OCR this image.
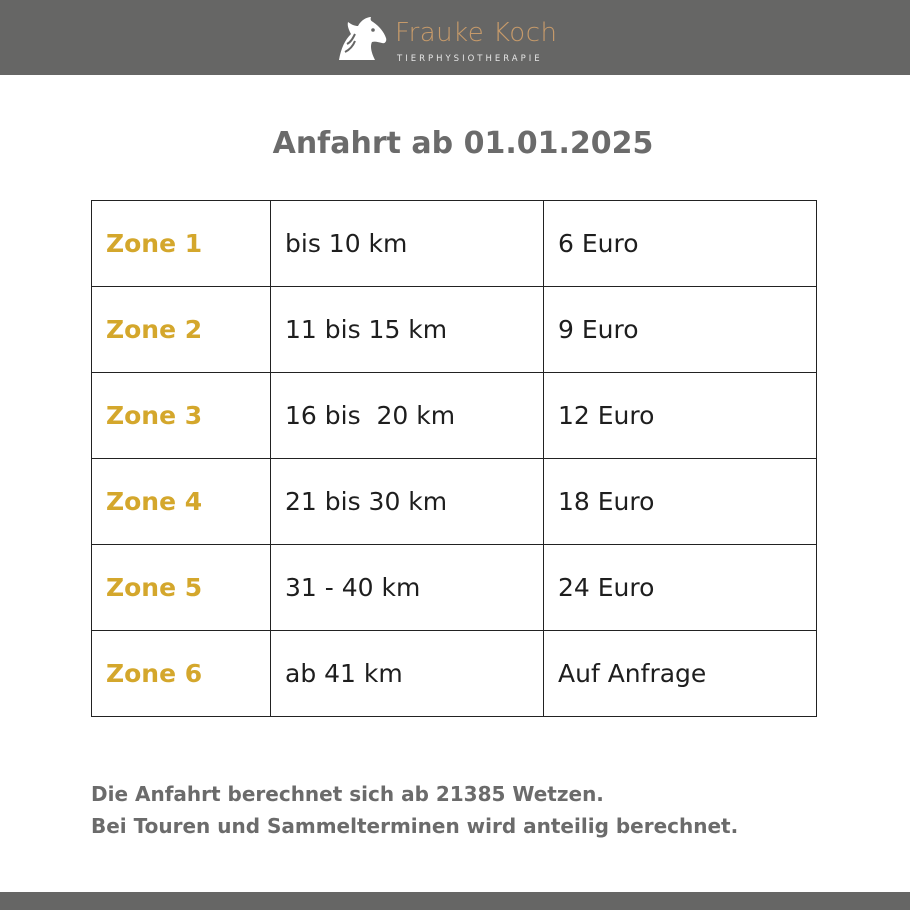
Frauke Koch
TIERPHYSIOTHERAPIE
Anfahrt ab 01.01.2025
Zone 1	bis 10 km	6 Euro
Zone 2	11 bis 15 km	9 Euro
Zone 3	16 bis  20 km	12 Euro
Zone 4	21 bis 30 km	18 Euro
Zone 5	31 - 40 km	24 Euro
Zone 6	ab 41 km	Auf Anfrage
Die Anfahrt berechnet sich ab 21385 Wetzen.
Bei Touren und Sammelterminen wird anteilig berechnet.
